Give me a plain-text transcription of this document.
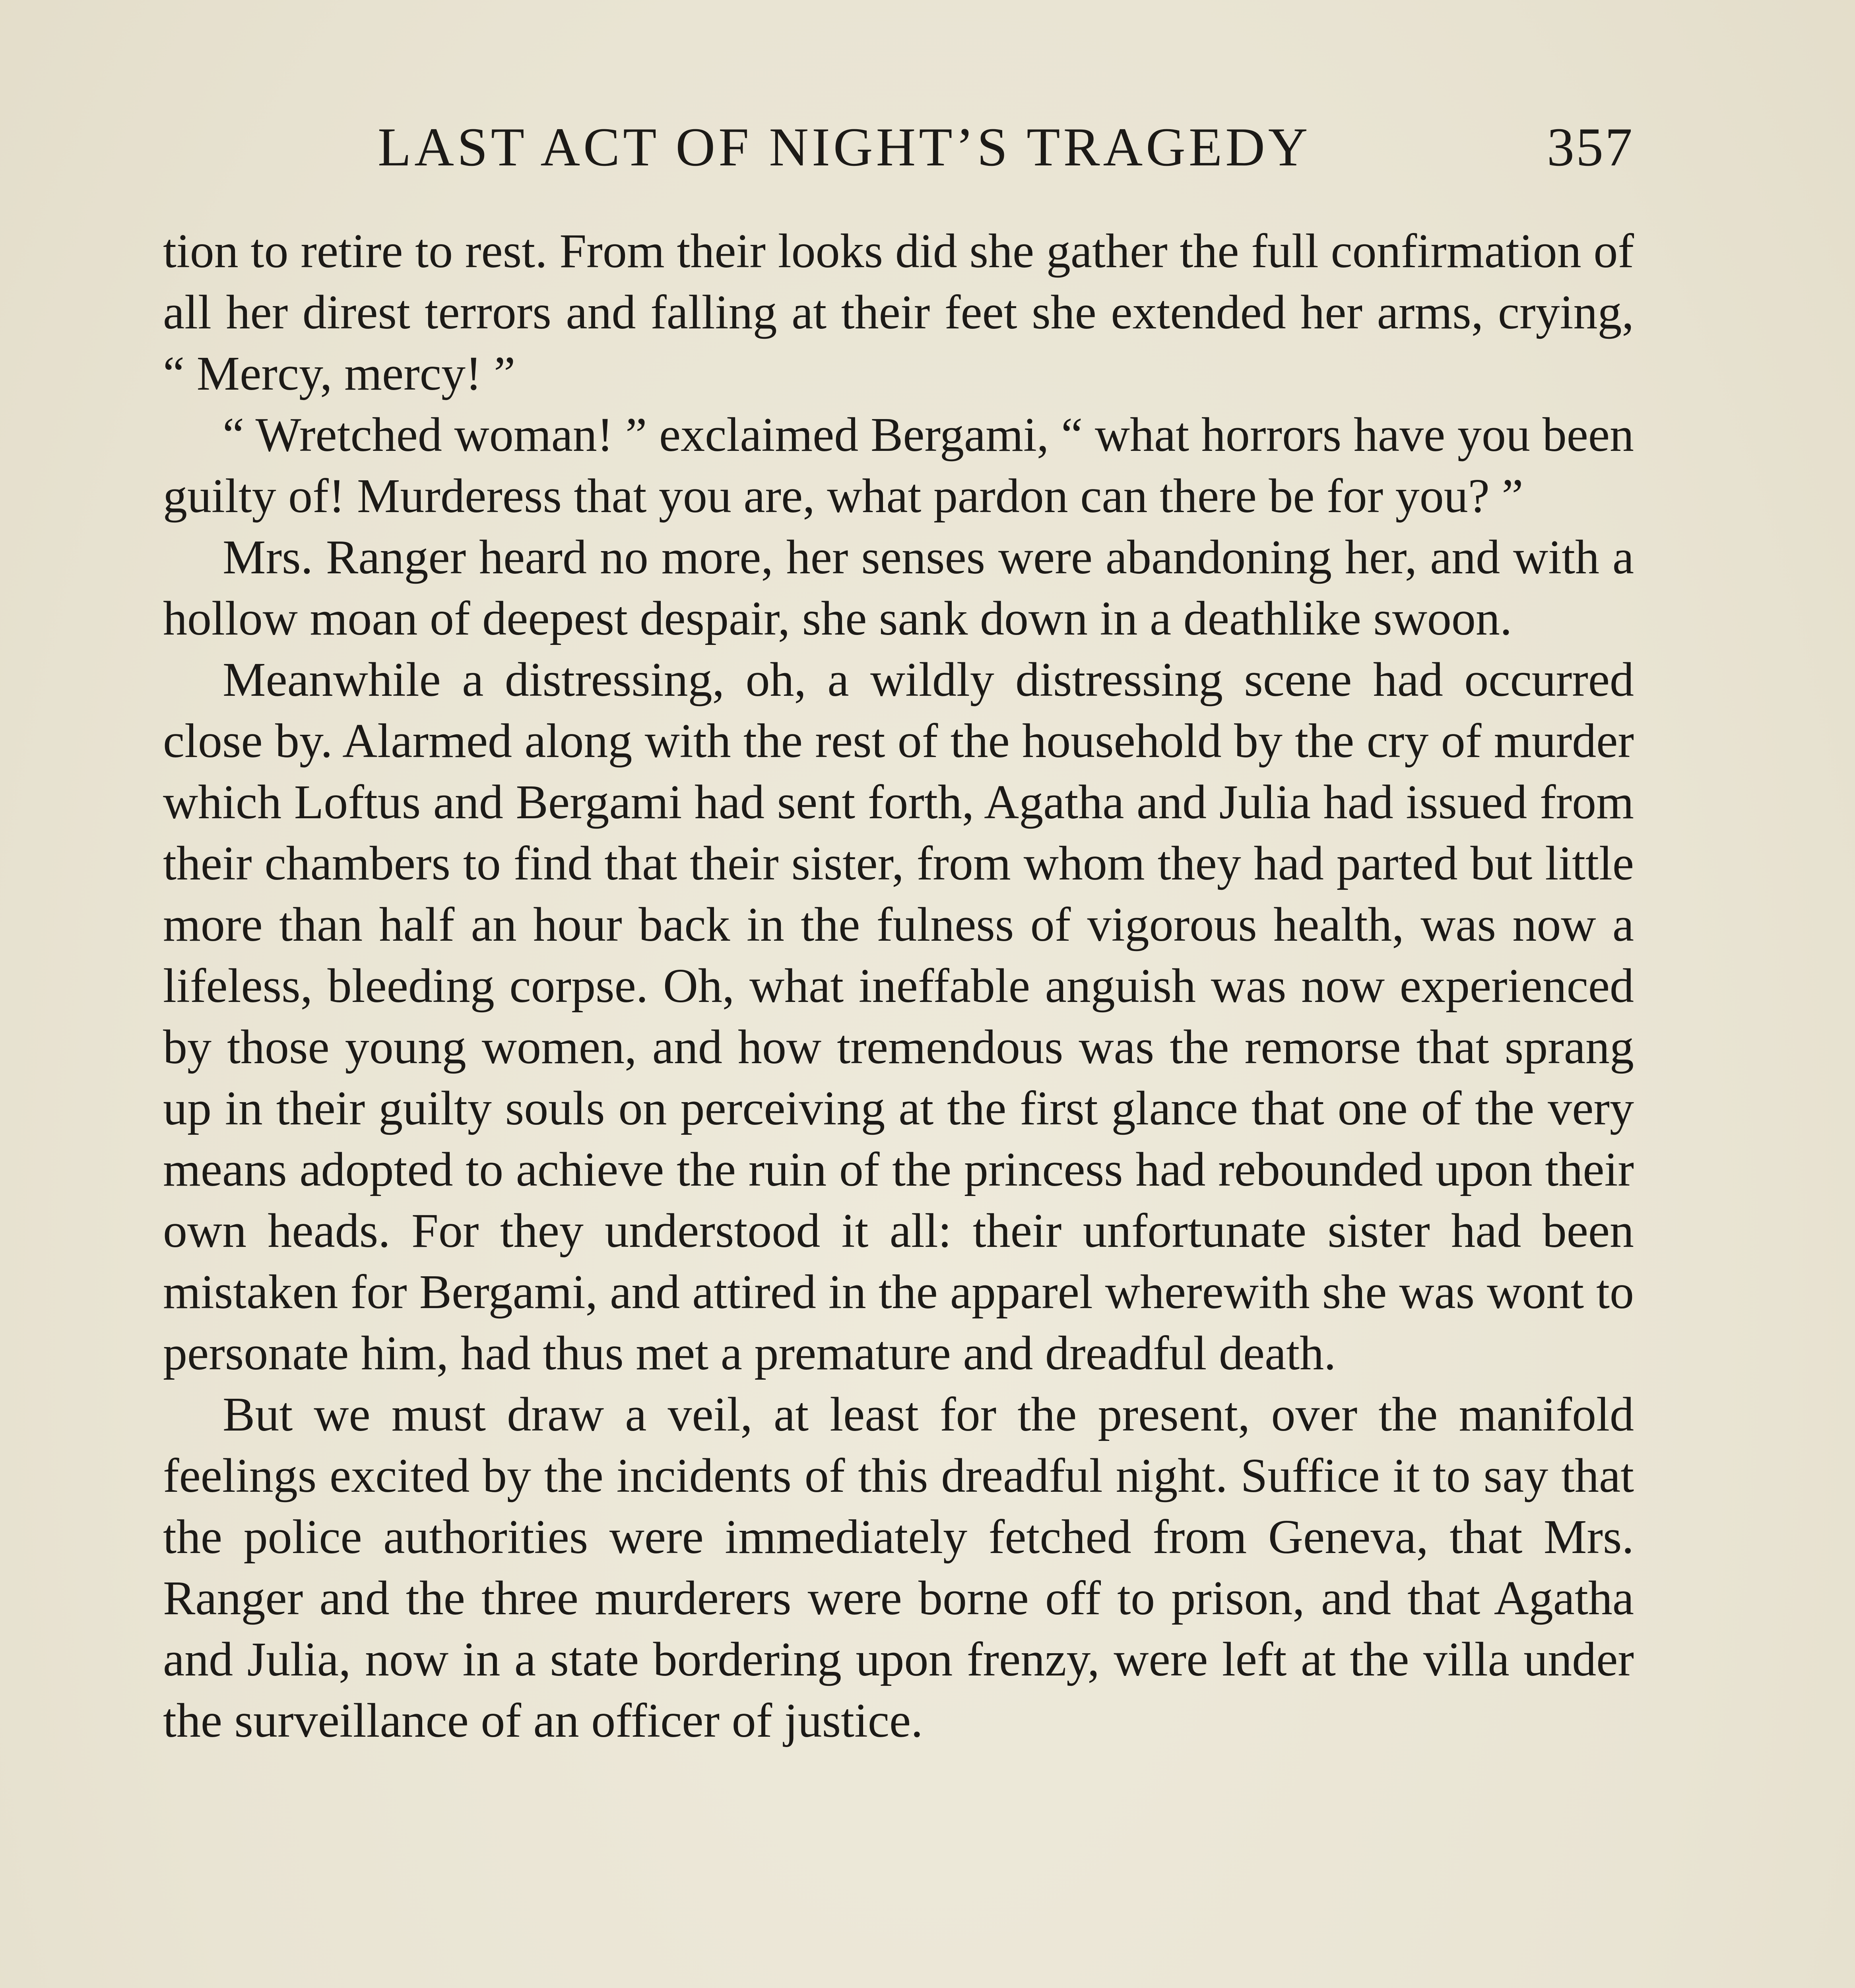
LAST ACT OF NIGHT’S TRAGEDY	357

tion to retire to rest. From their looks did she gather the full confirmation of all her direst terrors and falling at their feet she extended her arms, crying, “ Mercy, mercy! ”

“ Wretched woman! ” exclaimed Bergami, “ what horrors have you been guilty of! Murderess that you are, what pardon can there be for you? ”

Mrs. Ranger heard no more, her senses were abandoning her, and with a hollow moan of deepest despair, she sank down in a deathlike swoon.

Meanwhile a distressing, oh, a wildly distressing scene had occurred close by. Alarmed along with the rest of the household by the cry of murder which Loftus and Bergami had sent forth, Agatha and Julia had issued from their chambers to find that their sister, from whom they had parted but little more than half an hour back in the fulness of vigorous health, was now a lifeless, bleeding corpse. Oh, what ineffable anguish was now experienced by those young women, and how tremendous was the remorse that sprang up in their guilty souls on perceiving at the first glance that one of the very means adopted to achieve the ruin of the princess had rebounded upon their own heads. For they understood it all: their unfortunate sister had been mistaken for Bergami, and attired in the apparel wherewith she was wont to personate him, had thus met a premature and dreadful death.

But we must draw a veil, at least for the present, over the manifold feelings excited by the incidents of this dreadful night. Suffice it to say that the police authorities were immediately fetched from Geneva, that Mrs. Ranger and the three murderers were borne off to prison, and that Agatha and Julia, now in a state bordering upon frenzy, were left at the villa under the surveillance of an officer of justice.
